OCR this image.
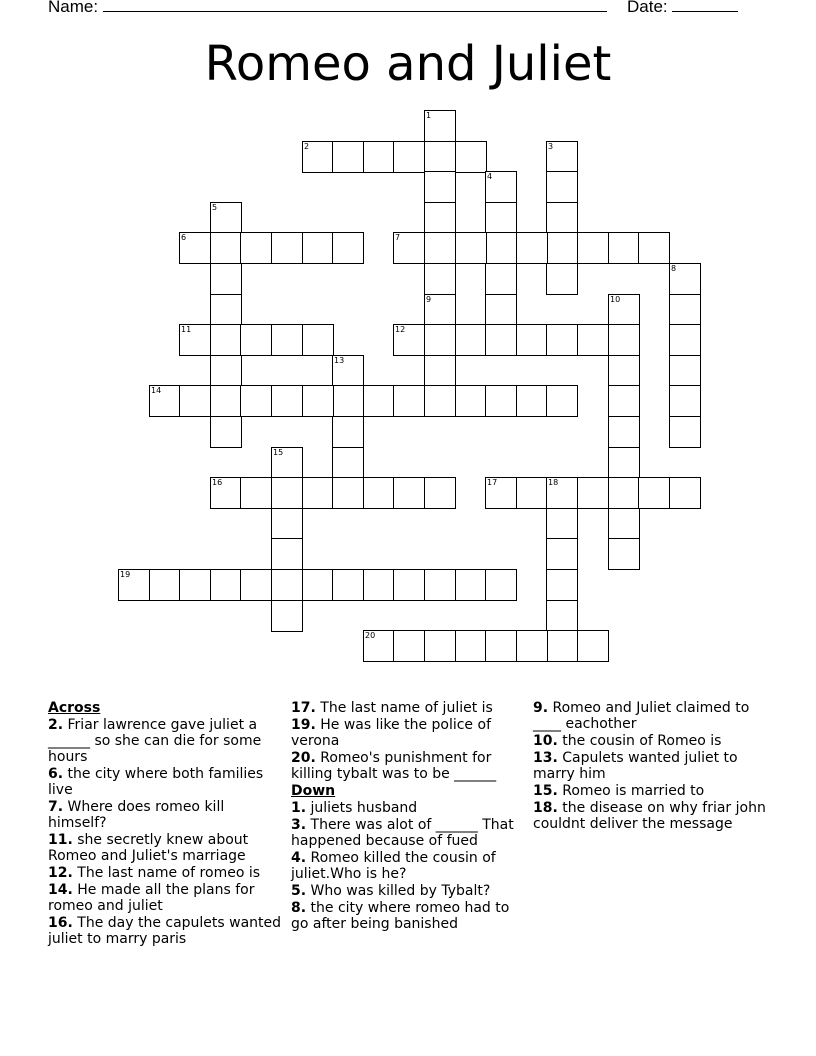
Name:	Date:
Romeo and Juliet
1
2	3
4
5
6	7
8
9	10
11	12
13
14
15
16	17	18
19
20
Across
2. Friar lawrence gave juliet a ______ so she can die for some hours
6. the city where both families live
7. Where does romeo kill himself?
11. she secretly knew about Romeo and Juliet's marriage
12. The last name of romeo is
14. He made all the plans for romeo and juliet
16. The day the capulets wanted juliet to marry paris
17. The last name of juliet is
19. He was like the police of verona
20. Romeo's punishment for killing tybalt was to be ______
Down
1. juliets husband
3. There was alot of ______ That happened because of fued
4. Romeo killed the cousin of juliet.Who is he?
5. Who was killed by Tybalt?
8. the city where romeo had to go after being banished
9. Romeo and Juliet claimed to ____ eachother
10. the cousin of Romeo is
13. Capulets wanted juliet to marry him
15. Romeo is married to
18. the disease on why friar john couldnt deliver the message
